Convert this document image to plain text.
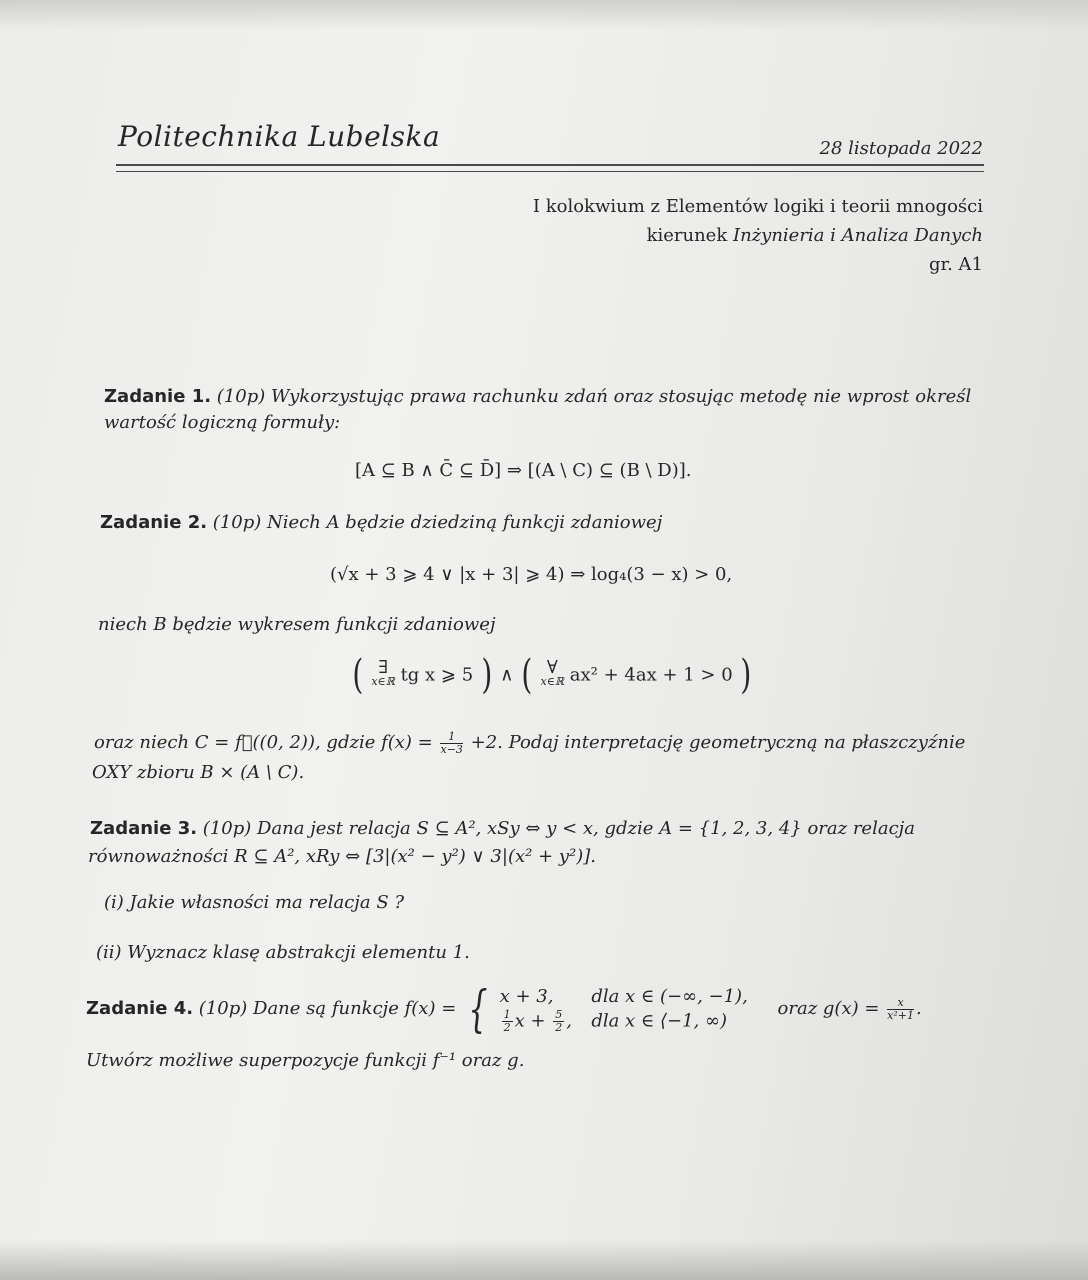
Politechnika Lubelska	28 listopada 2022
I kolokwium z Elementów logiki i teorii mnogości
kierunek Inżynieria i Analiza Danych
gr. A1
Zadanie 1. (10p) Wykorzystując prawa rachunku zdań oraz stosując metodę nie wprost określ
wartość logiczną formuły:
[A ⊆ B ∧ C̄ ⊆ D̄] ⇒ [(A \ C) ⊆ (B \ D)].
Zadanie 2. (10p) Niech A będzie dziedziną funkcji zdaniowej
(√x + 3 ⩾ 4 ∨ |x + 3| ⩾ 4) ⇒ log₄(3 − x) > 0,
niech B będzie wykresem funkcji zdaniowej
( ∃
x∈ℝ tg x ⩾ 5 ) ∧ ( ∀
x∈ℝ ax² + 4ax + 1 > 0 )
oraz niech C = f⃗((0, 2)), gdzie $f(x) = \frac{1}{x-3} +2$. Podaj interpretację geometryczną na płaszczyźnie
OXY zbioru B × (A \ C).
Zadanie 3. (10p) Dana jest relacja S ⊆ A², xSy ⇔ y < x, gdzie A = {1, 2, 3, 4} oraz relacja
równoważności R ⊆ A², xRy ⇔ [3|(x² − y²) ∨ 3|(x² + y²)].
(i) Jakie własności ma relacja S ?
(ii) Wyznacz klasę abstrakcji elementu 1.
Zadanie 4. (10p) Dane są funkcje f(x) = { x + 3, dla x ∈ (−∞, −1),
$\frac{1}{2}$ $x + \frac{5}{2}$ , dla x ∈ ⟨−1, ∞)
oraz $g(x) = \frac{x}{\text{x²+1}}$ .
Utwórz możliwe superpozycje funkcji f⁻¹ oraz g.
